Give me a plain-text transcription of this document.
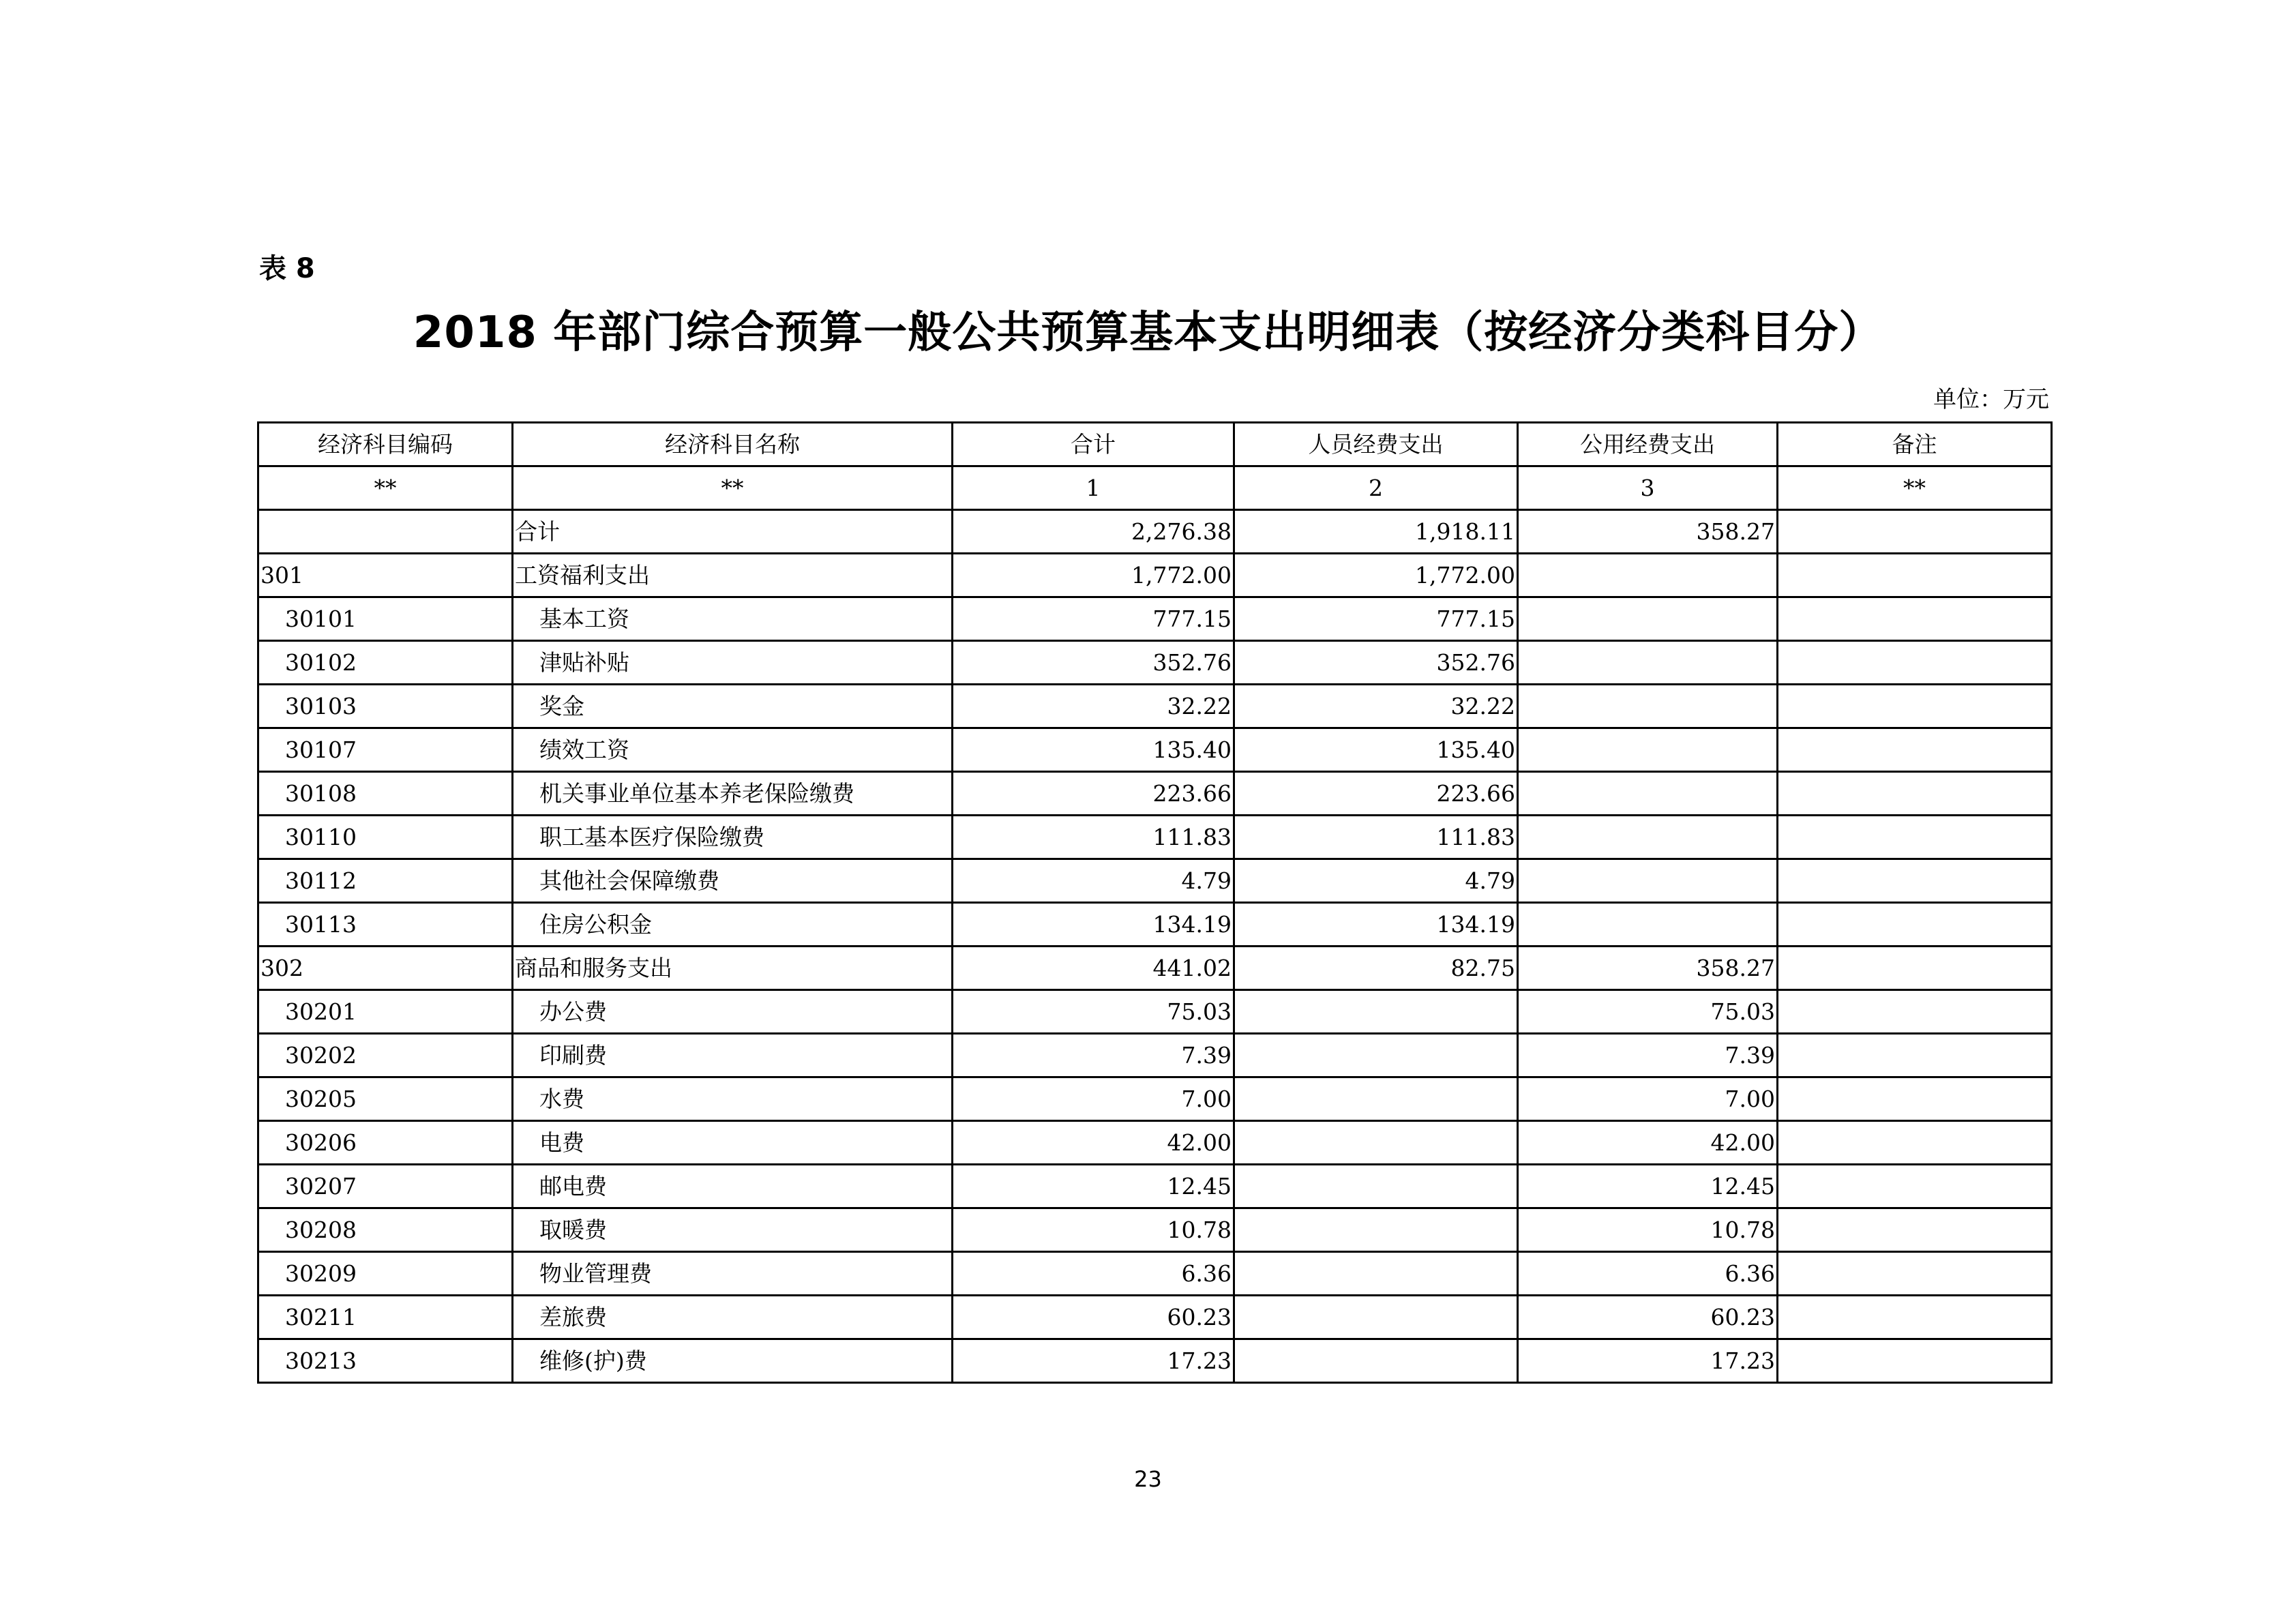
表 8
2018 年部门综合预算一般公共预算基本支出明细表（按经济分类科目分）
单位：万元
经济科目编码	经济科目名称	合计	人员经费支出	公用经费支出	备注
**	**	1	2	3	**
	合计	2,276.38	1,918.11	358.27	
301	工资福利支出	1,772.00	1,772.00		
30101	基本工资	777.15	777.15		
30102	津贴补贴	352.76	352.76		
30103	奖金	32.22	32.22		
30107	绩效工资	135.40	135.40		
30108	机关事业单位基本养老保险缴费	223.66	223.66		
30110	职工基本医疗保险缴费	111.83	111.83		
30112	其他社会保障缴费	4.79	4.79		
30113	住房公积金	134.19	134.19		
302	商品和服务支出	441.02	82.75	358.27	
30201	办公费	75.03		75.03	
30202	印刷费	7.39		7.39	
30205	水费	7.00		7.00	
30206	电费	42.00		42.00	
30207	邮电费	12.45		12.45	
30208	取暖费	10.78		10.78	
30209	物业管理费	6.36		6.36	
30211	差旅费	60.23		60.23	
30213	维修(护)费	17.23		17.23	
23
